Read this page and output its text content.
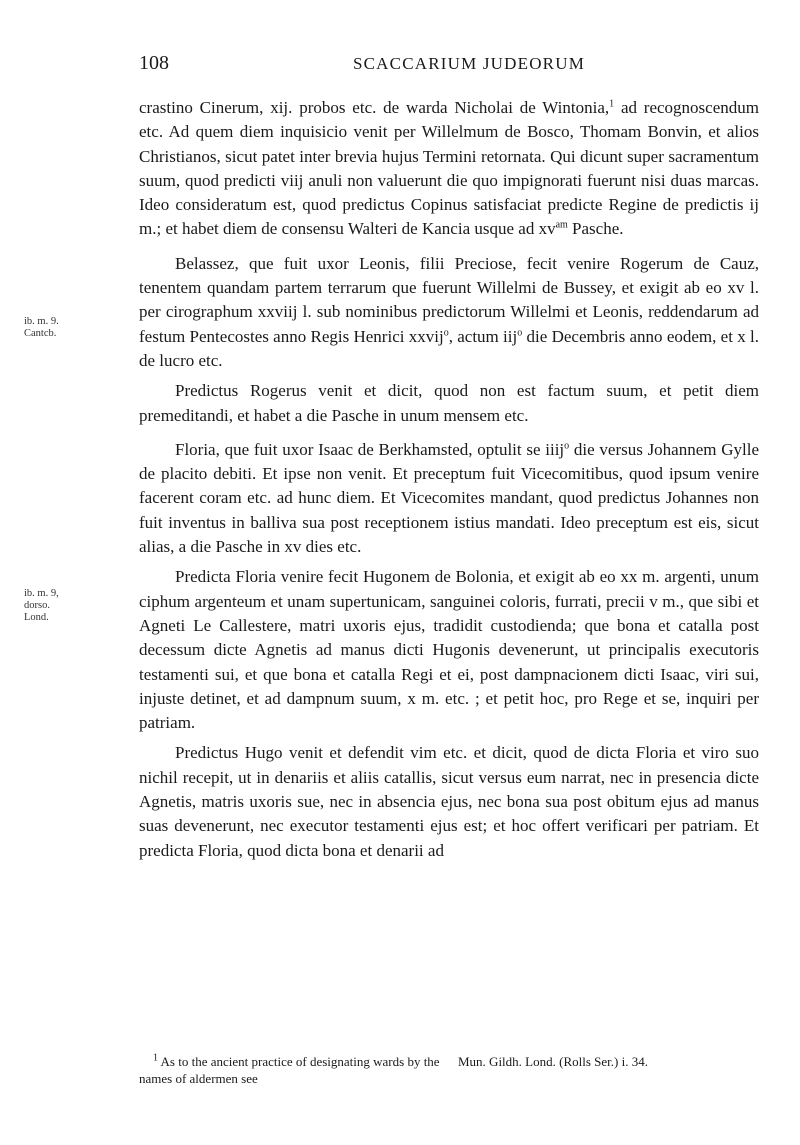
108	SCACCARIUM JUDEORUM
ib. m. 9.
Cantcb.
ib. m. 9,
dorso.
Lond.

crastino Cinerum, xij. probos etc. de warda Nicholai de Wintonia,$^1$ ad recognoscendum etc. Ad quem diem inquisicio venit per Willelmum de Bosco, Thomam Bonvin, et alios Christianos, sicut patet inter brevia hujus Termini retornata. Qui dicunt super sacramentum suum, quod predicti viij anuli non valuerunt die quo impignorati fuerunt nisi duas marcas. Ideo consideratum est, quod predictus Copinus satisfaciat predicte Regine de predictis ij m.; et habet diem de consensu Walteri de Kancia usque ad $xv^{am}$ Pasche.

Belassez, que fuit uxor Leonis, filii Preciose, fecit venire Rogerum de Cauz, tenentem quandam partem terrarum que fuerunt Willelmi de Bussey, et exigit ab eo xv l. per cirographum xxviij l. sub nominibus predictorum Willelmi et Leonis, reddendarum ad festum Pentecostes anno Regis Henrici xxvij$^o$, actum iij$^o$ die Decembris anno eodem, et x l. de lucro etc.

Predictus Rogerus venit et dicit, quod non est factum suum, et petit diem premeditandi, et habet a die Pasche in unum mensem etc.

Floria, que fuit uxor Isaac de Berkhamsted, optulit se iiij$^o$ die versus Johannem Gylle de placito debiti. Et ipse non venit. Et preceptum fuit Vicecomitibus, quod ipsum venire facerent coram etc. ad hunc diem. Et Vicecomites mandant, quod predictus Johannes non fuit inventus in balliva sua post receptionem istius mandati. Ideo preceptum est eis, sicut alias, a die Pasche in xv dies etc.

Predicta Floria venire fecit Hugonem de Bolonia, et exigit ab eo xx m. argenti, unum ciphum argenteum et unam supertunicam, sanguinei coloris, furrati, precii v m., que sibi et Agneti Le Callestere, matri uxoris ejus, tradidit custodienda; que bona et catalla post decessum dicte Agnetis ad manus dicti Hugonis devenerunt, ut principalis executoris testamenti sui, et que bona et catalla Regi et ei, post dampnacionem dicti Isaac, viri sui, injuste detinet, et ad dampnum suum, x m. etc. ; et petit hoc, pro Rege et se, inquiri per patriam.

Predictus Hugo venit et defendit vim etc. et dicit, quod de dicta Floria et viro suo nichil recepit, ut in denariis et aliis catallis, sicut versus eum narrat, nec in presencia dicte Agnetis, matris uxoris sue, nec in absencia ejus, nec bona sua post obitum ejus ad manus suas devenerunt, nec executor testamenti ejus est; et hoc offert verificari per patriam. Et predicta Floria, quod dicta bona et denarii ad

$^1$ As to the ancient practice of designating wards by the names of aldermen see
Mun. Gildh. Lond. (Rolls Ser.) i. 34.
